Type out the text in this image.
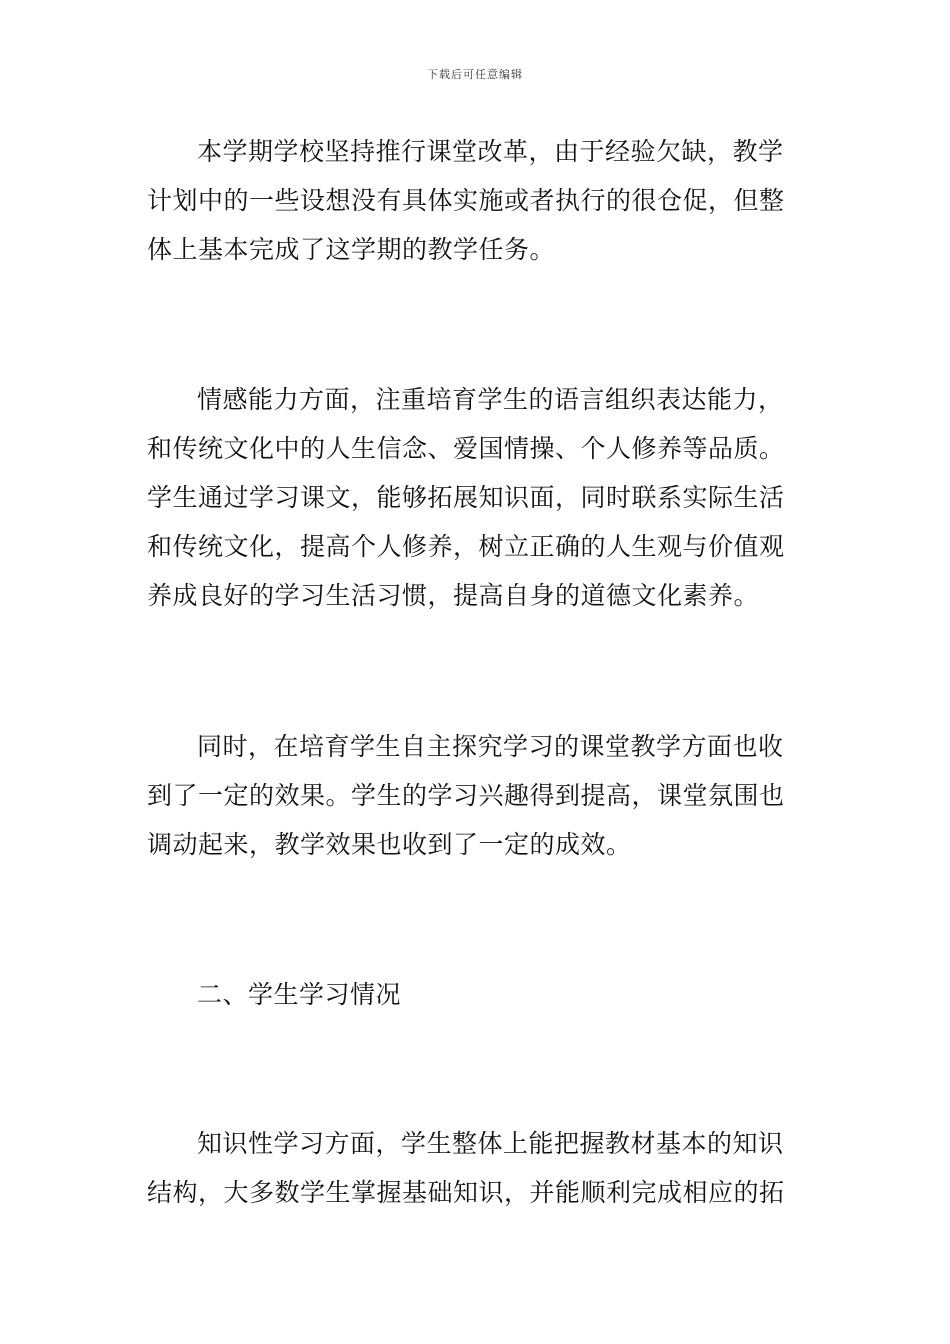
下载后可任意编辑
本学期学校坚持推行课堂改革，由于经验欠缺，教学
计划中的一些设想没有具体实施或者执行的很仓促，但整
体上基本完成了这学期的教学任务。
情感能力方面，注重培育学生的语言组织表达能力，
和传统文化中的人生信念、爱国情操、个人修养等品质。
学生通过学习课文，能够拓展知识面，同时联系实际生活
和传统文化，提高个人修养，树立正确的人生观与价值观
养成良好的学习生活习惯，提高自身的道德文化素养。
同时，在培育学生自主探究学习的课堂教学方面也收
到了一定的效果。学生的学习兴趣得到提高，课堂氛围也
调动起来，教学效果也收到了一定的成效。
二、学生学习情况
知识性学习方面，学生整体上能把握教材基本的知识
结构，大多数学生掌握基础知识，并能顺利完成相应的拓
